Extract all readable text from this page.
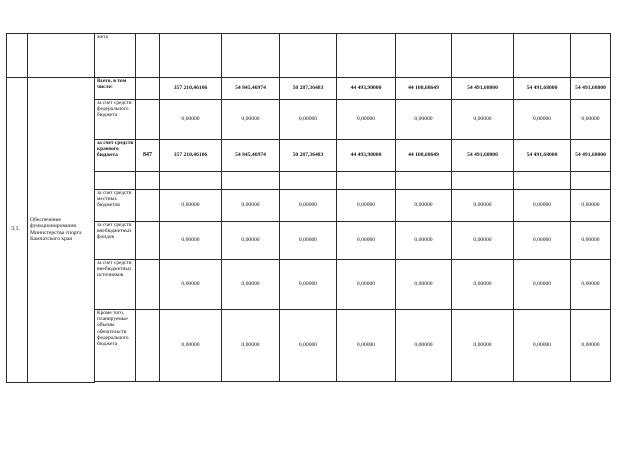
		жета									
3.1.	Обеспечение функционирования Министерства спорта Камчатского края	Всего, в том числе:		357 210,46106	54 845,46974	50 287,36483	44 493,90000	44 108,68649	54 491,68000	54 491,68000	54 491,68000
		за счет средств федерального бюджета		0,00000	0,00000	0,00000	0,00000	0,00000	0,00000	0,00000	0,00000
		за счет средств краевого бюджета	847	357 210,46106	54 845,46974	50 287,36483	44 493,90000	44 108,68649	54 491,68000	54 491,68000	54 491,68000

		за счет средств местных бюджетов		0,00000	0,00000	0,00000	0,00000	0,00000	0,00000	0,00000	0,00000
		за счет средств внебюджетных фондов		0,00000	0,00000	0,00000	0,00000	0,00000	0,00000	0,00000	0,00000
		за счет средств внебюджетных источников		0,00000	0,00000	0,00000	0,00000	0,00000	0,00000	0,00000	0,00000
		Кроме того, планируемые объемы обязательств федерального бюджета		0,00000	0,00000	0,00000	0,00000	0,00000	0,00000	0,00000	0,00000
